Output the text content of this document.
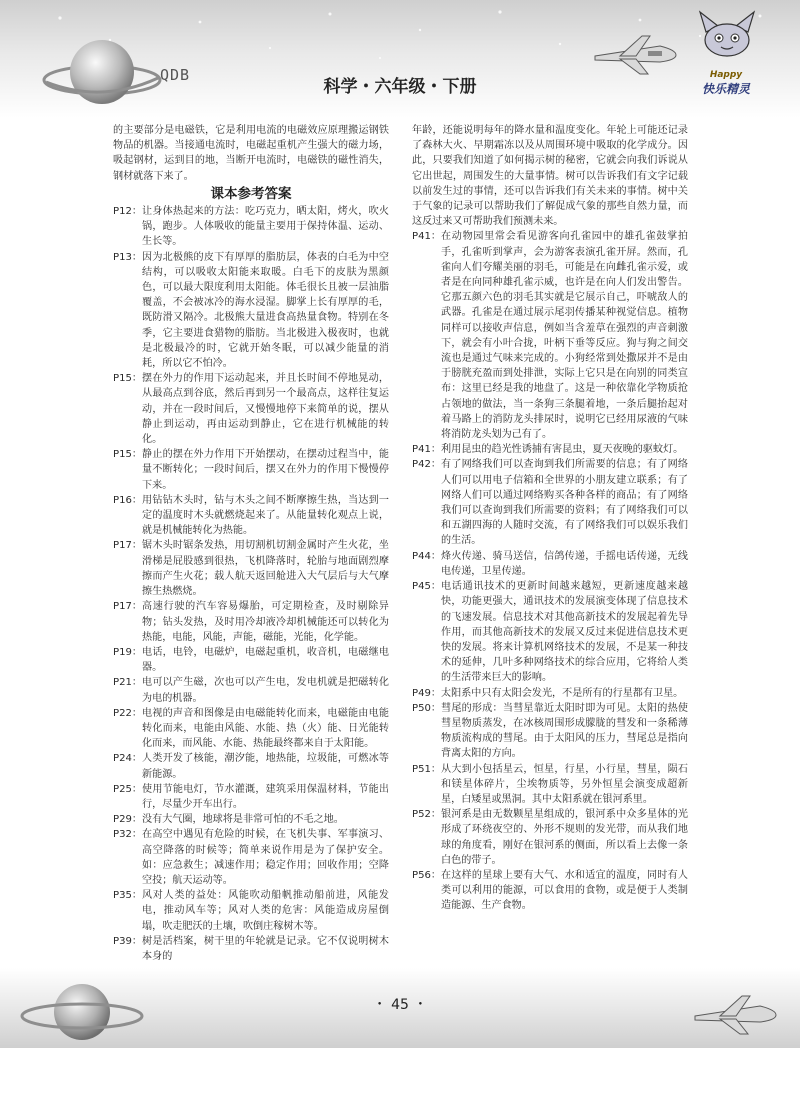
QDB
科学・六年级・下册
Happy
快乐精灵

的主要部分是电磁铁，它是利用电流的电磁效应原理搬运钢铁物品的机器。当接通电流时，电磁起重机产生强大的磁力场，吸起钢材，运到目的地，当断开电流时，电磁铁的磁性消失，钢材就落下来了。

课本参考答案
P12： 让身体热起来的方法：吃巧克力，晒太阳，烤火，吹火锅，跑步。人体吸收的能量主要用于保持体温、运动、生长等。
P13： 因为北极熊的皮下有厚厚的脂肪层，体表的白毛为中空结构，可以吸收太阳能来取暖。白毛下的皮肤为黑颜色，可以最大限度利用太阳能。体毛很长且被一层油脂覆盖，不会被冰冷的海水浸湿。脚掌上长有厚厚的毛，既防滑又隔冷。北极熊大量进食高热量食物。特别在冬季，它主要进食猎物的脂肪。当北极进入极夜时，也就是北极最冷的时，它就开始冬眠，可以减少能量的消耗，所以它不怕冷。
P15： 摆在外力的作用下运动起来，并且长时间不停地晃动，从最高点到谷底，然后再到另一个最高点，这样往复运动，并在一段时间后，又慢慢地停下来简单的说，摆从静止到运动，再由运动到静止，它在进行机械能的转化。
P15： 静止的摆在外力作用下开始摆动，在摆动过程当中，能量不断转化；一段时间后，摆又在外力的作用下慢慢停下来。
P16： 用钻钻木头时，钻与木头之间不断摩擦生热，当达到一定的温度时木头就燃烧起来了。从能量转化观点上说，就是机械能转化为热能。
P17： 锯木头时锯条发热，用切割机切割金属时产生火花，坐滑梯是屁股感到很热，飞机降落时，轮胎与地面剧烈摩擦而产生火花；载人航天返回舱进入大气层后与大气摩擦生热燃烧。
P17： 高速行驶的汽车容易爆胎，可定期检查，及时剔除异物；钻头发热，及时用冷却液冷却机械能还可以转化为热能，电能，风能，声能，磁能，光能，化学能。
P19： 电话，电铃，电磁炉，电磁起重机，收音机，电磁继电器。
P21： 电可以产生磁，次也可以产生电，发电机就是把磁转化为电的机器。
P22： 电视的声音和图像是由电磁能转化而来，电磁能由电能转化而来，电能由风能、水能、热（火）能、日光能转化而来，而风能、水能、热能最终都来自于太阳能。
P24： 人类开发了核能，潮汐能，地热能，垃圾能，可燃冰等新能源。
P25： 使用节能电灯，节水灌溉，建筑采用保温材料，节能出行，尽量少开车出行。
P29： 没有大气圈，地球将是非常可怕的不毛之地。
P32： 在高空中遇见有危险的时候，在飞机失事、军事演习、高空降落的时候等；简单来说作用是为了保护安全。如：应急救生；减速作用；稳定作用；回收作用；空降空投；航天运动等。
P35： 风对人类的益处：风能吹动船帆推动船前进，风能发电，推动风车等；风对人类的危害：风能造成房屋倒塌，吹走肥沃的土壤，吹倒庄稼树木等。
P39： 树是活档案，树干里的年轮就是记录。它不仅说明树木本身的

年龄，还能说明每年的降水量和温度变化。年轮上可能还记录了森林大火、早期霜冻以及从周围环境中吸取的化学成分。因此，只要我们知道了如何揭示树的秘密，它就会向我们诉说从它出世起，周围发生的大量事情。树可以告诉我们有文字记载以前发生过的事情，还可以告诉我们有关未来的事情。树中关于气象的记录可以帮助我们了解促成气象的那些自然力量，而这反过来又可帮助我们预测未来。

P41： 在动物园里常会看见游客向孔雀园中的雄孔雀鼓掌拍手，孔雀听到掌声，会为游客表演孔雀开屏。然而，孔雀向人们夸耀美丽的羽毛，可能是在向雌孔雀示爱，或者是在向同种雄孔雀示威，也许是在向人们发出警告。它那五颜六色的羽毛其实就是它展示自己，吓唬敌人的武器。孔雀是在通过展示尾羽传播某种视觉信息。植物同样可以接收声信息，例如当含羞草在强烈的声音刺激下，就会有小叶合拢，叶柄下垂等反应。狗与狗之间交流也是通过气味来完成的。小狗经常到处撒尿并不是由于膀胱充盈而到处排泄，实际上它只是在向别的同类宣布：这里已经是我的地盘了。这是一种依靠化学物质抢占领地的做法，当一条狗三条腿着地，一条后腿抬起对着马路上的消防龙头排尿时，说明它已经用尿液的气味将消防龙头划为己有了。
P41： 利用昆虫的趋光性诱捕有害昆虫，夏天夜晚的驱蚊灯。
P42： 有了网络我们可以查询到我们所需要的信息；有了网络人们可以用电子信箱和全世界的小朋友建立联系；有了网络人们可以通过网络购买各种各样的商品；有了网络我们可以查询到我们所需要的资料；有了网络我们可以和五湖四海的人随时交流，有了网络我们可以娱乐我们的生活。
P44： 烽火传递、骑马送信，信鸽传递，手摇电话传递，无线电传递，卫星传递。
P45： 电话通讯技术的更新时间越来越短，更新速度越来越快，功能更强大，通讯技术的发展演变体现了信息技术的飞速发展。信息技术对其他高新技术的发展起着先导作用，而其他高新技术的发展又反过来促进信息技术更快的发展。将来计算机网络技术的发展，不是某一种技术的延伸，几叶多种网络技术的综合应用，它将给人类的生活带来巨大的影响。
P49： 太阳系中只有太阳会发光，不是所有的行星都有卫星。
P50： 彗尾的形成：当彗星靠近太阳时即为可见。太阳的热使彗星物质蒸发，在冰核周围形成朦胧的彗发和一条稀薄物质流构成的彗尾。由于太阳风的压力，彗尾总是指向背离太阳的方向。
P51： 从大到小包括星云，恒星，行星，小行星，彗星，陨石和镁星体碎片，尘埃物质等，另外恒星会演变成超新星，白矮星或黑洞。其中太阳系就在银河系里。
P52： 银河系是由无数颗星星组成的，银河系中众多星体的光形成了环绕夜空的、外形不规则的发光带，而从我们地球的角度看，刚好在银河系的侧面，所以看上去像一条白色的带子。
P56： 在这样的星球上要有大气、水和适宜的温度，同时有人类可以利用的能源，可以食用的食物，或是便于人类制造能源、生产食物。
・ 45 ・
